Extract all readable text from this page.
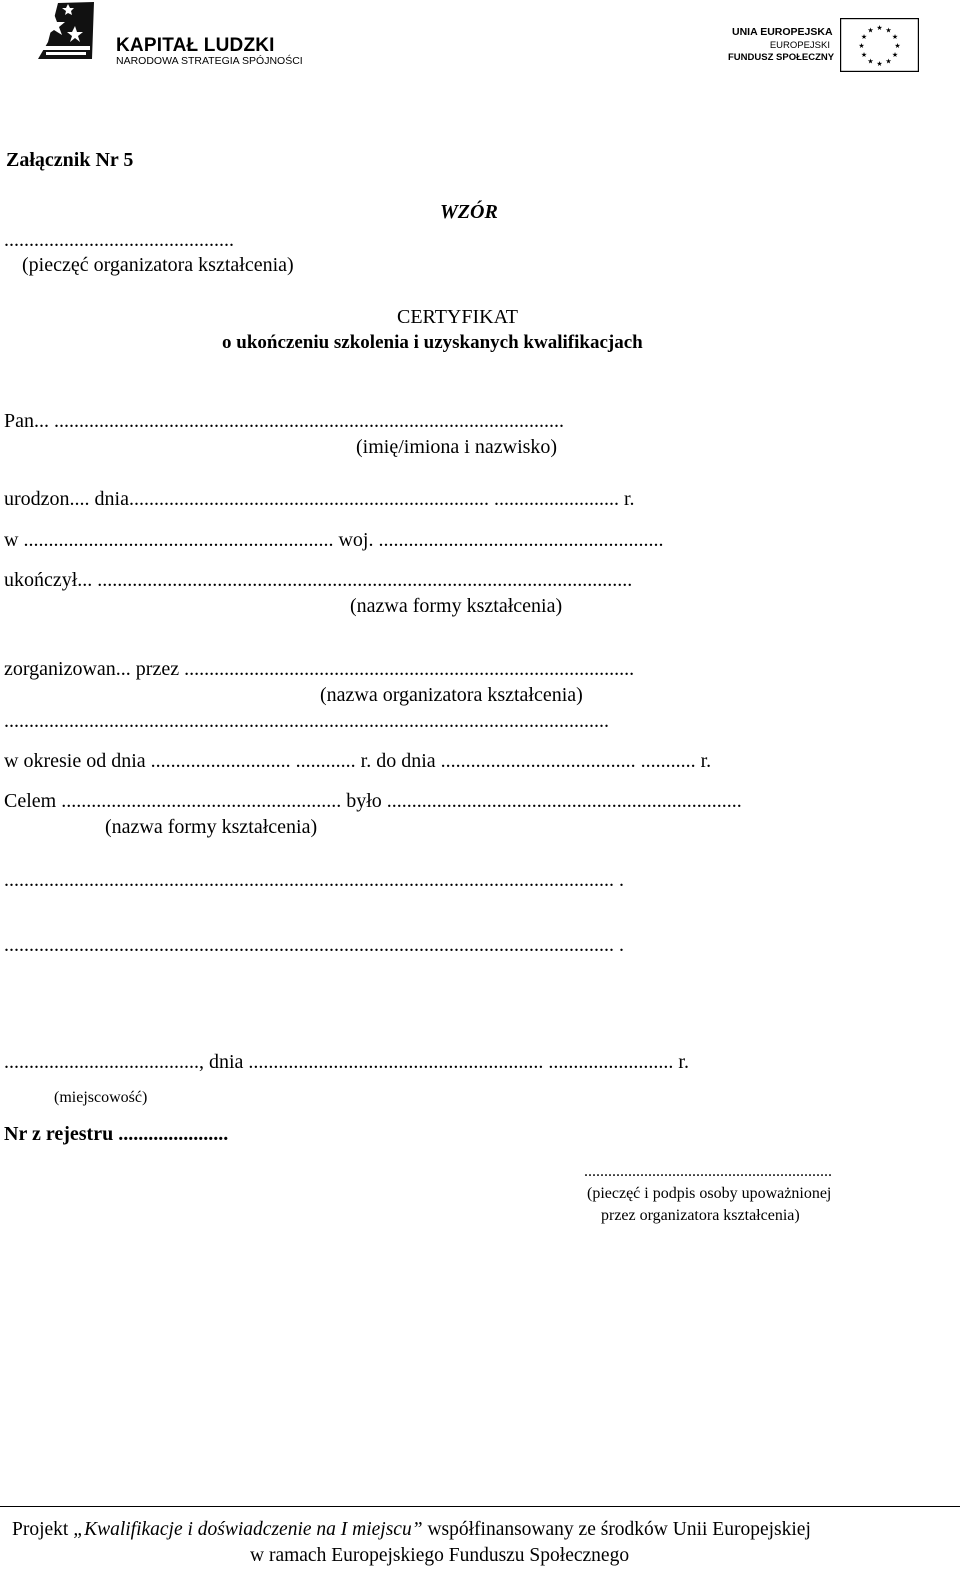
KAPITAŁ LUDZKI
NARODOWA STRATEGIA SPÓJNOŚCI
UNIA EUROPEJSKA
EUROPEJSKI
FUNDUSZ SPOŁECZNY
★ ★
★
★
★
★
★
★
★
★
★
★
Załącznik Nr 5
WZÓR
..............................................
(pieczęć organizatora kształcenia)
CERTYFIKAT
o ukończeniu szkolenia i uzyskanych kwalifikacjach
Pan... ......................................................................................................
(imię/imiona i nazwisko)
urodzon.... dnia........................................................................ ......................... r.
w .............................................................. woj. .........................................................
ukończył... ...........................................................................................................
(nazwa formy kształcenia)
zorganizowan... przez ..........................................................................................
(nazwa organizatora kształcenia)
.........................................................................................................................
w okresie od dnia ............................ ............ r. do dnia ....................................... ........... r.
Celem ........................................................ było .......................................................................
(nazwa formy kształcenia)
.......................................................................................................................... .
.......................................................................................................................... .
......................................., dnia ........................................................... ......................... r.
(miejscowość)
Nr z rejestru ......................
..............................................................
(pieczęć i podpis osoby upoważnionej
przez organizatora kształcenia)
Projekt „Kwalifikacje i doświadczenie na I miejscu” współfinansowany ze środków Unii Europejskiej
w ramach Europejskiego Funduszu Społecznego
